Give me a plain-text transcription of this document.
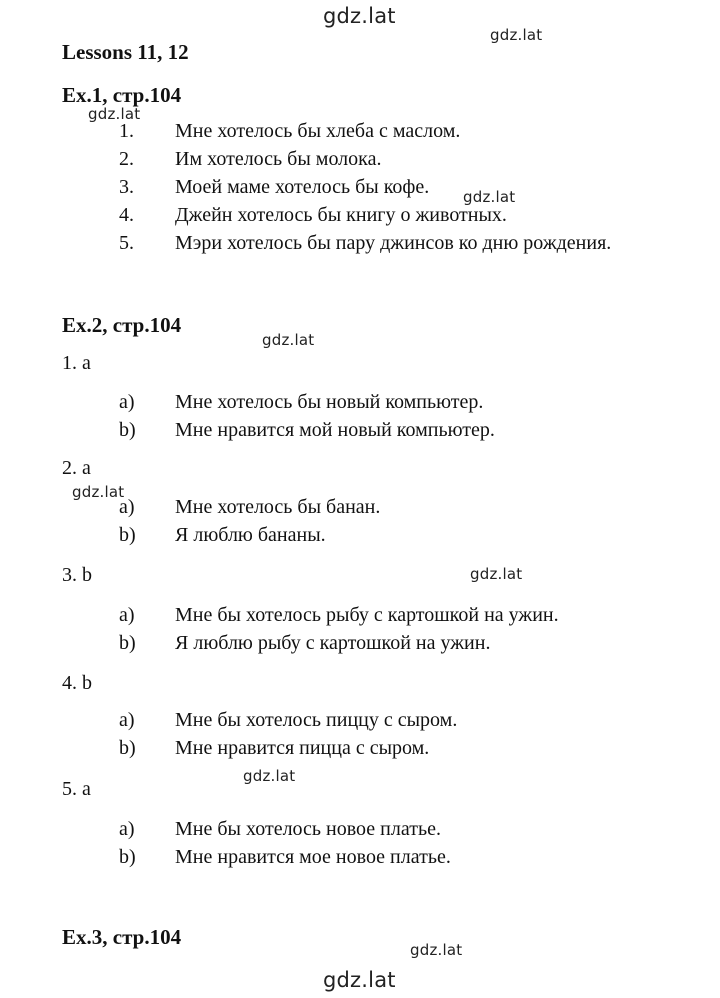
gdz.lat
gdz.lat
gdz.lat
gdz.lat
gdz.lat
gdz.lat
gdz.lat
gdz.lat
gdz.lat
gdz.lat
Lessons 11, 12
Ex.1, стр.104
1. Мне хотелось бы хлеба с маслом.
2. Им хотелось бы молока.
3. Моей маме хотелось бы кофе.
4. Джейн хотелось бы книгу о животных.
5. Мэри хотелось бы пару джинсов ко дню рождения.
Ex.2, стр.104
1. a
a) Мне хотелось бы новый компьютер.
b) Мне нравится мой новый компьютер.
2. a
a) Мне хотелось бы банан.
b) Я люблю бананы.
3. b
a) Мне бы хотелось рыбу с картошкой на ужин.
b) Я люблю рыбу с картошкой на ужин.
4. b
a) Мне бы хотелось пиццу с сыром.
b) Мне нравится пицца с сыром.
5. a
a) Мне бы хотелось новое платье.
b) Мне нравится мое новое платье.
Ex.3, стр.104
